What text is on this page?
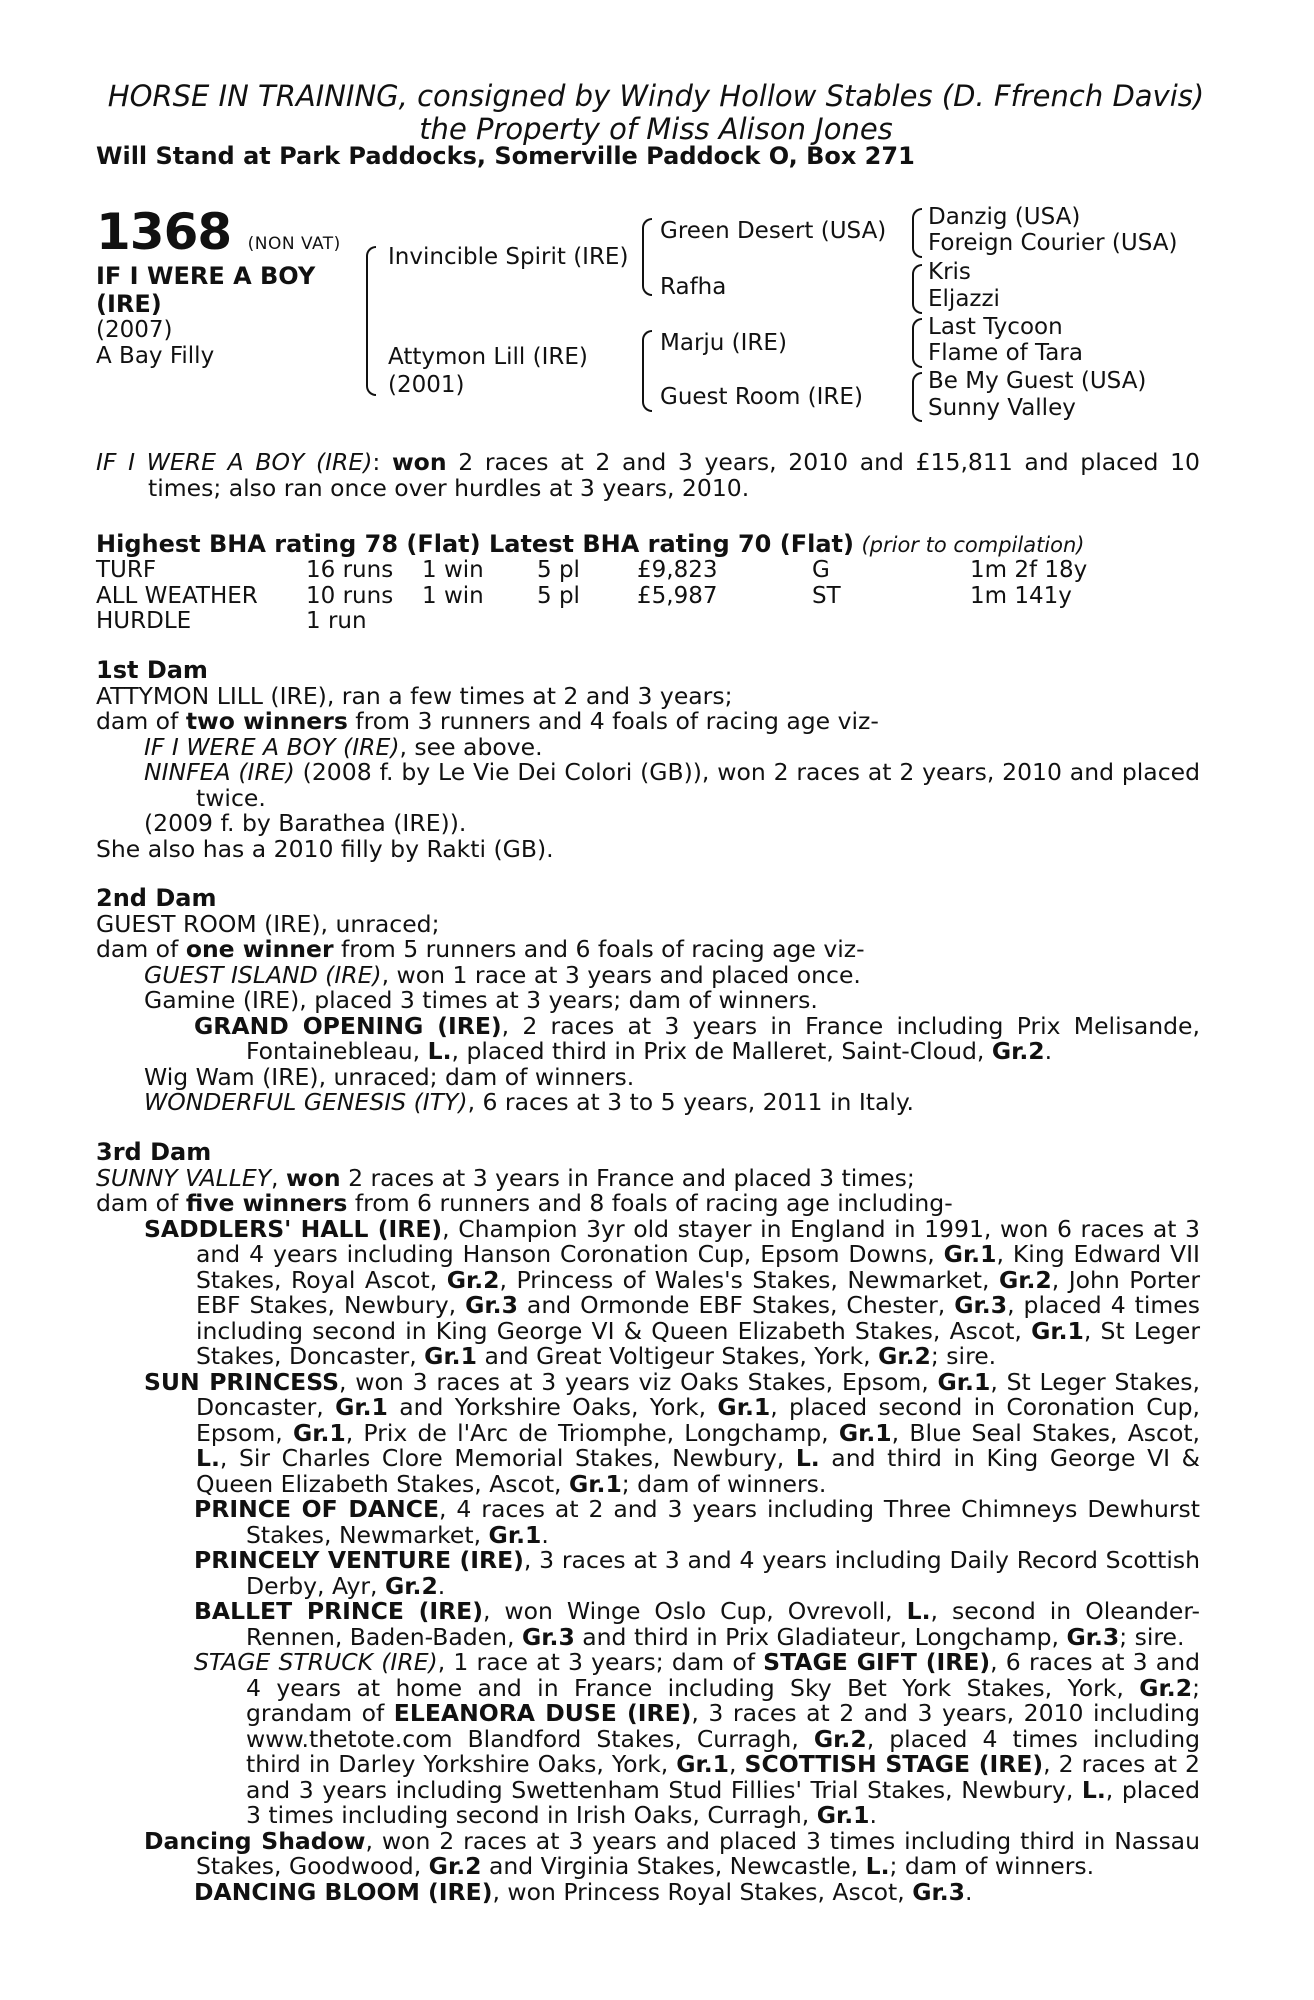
HORSE IN TRAINING, consigned by Windy Hollow Stables (D. Ffrench Davis)
the Property of Miss Alison Jones
Will Stand at Park Paddocks, Somerville Paddock O, Box 271
1368 (NON VAT)
IF I WERE A BOY
(IRE)
(2007)
A Bay Filly
Invincible Spirit (IRE)
Attymon Lill (IRE)
(2001)
Green Desert (USA)
Rafha
Marju (IRE)
Guest Room (IRE)
Danzig (USA)
Foreign Courier (USA)
Kris
Eljazzi
Last Tycoon
Flame of Tara
Be My Guest (USA)
Sunny Valley

IF I WERE A BOY (IRE): won 2 races at 2 and 3 years, 2010 and £15,811 and placed 10 times; also ran once over hurdles at 3 years, 2010.

Highest BHA rating 78 (Flat) Latest BHA rating 70 (Flat) (prior to compilation)
TURF	16 runs 1 win 5 pl £9,823	G	1m 2f 18y
ALL WEATHER 10 runs 1 win 5 pl £5,987	ST	1m 141y
HURDLE	1 run

1st Dam

ATTYMON LILL (IRE), ran a few times at 2 and 3 years;

dam of two winners from 3 runners and 4 foals of racing age viz-

IF I WERE A BOY (IRE), see above.

NINFEA (IRE) (2008 f. by Le Vie Dei Colori (GB)), won 2 races at 2 years, 2010 and placed twice.

(2009 f. by Barathea (IRE)).

She also has a 2010 filly by Rakti (GB).

2nd Dam

GUEST ROOM (IRE), unraced;

dam of one winner from 5 runners and 6 foals of racing age viz-

GUEST ISLAND (IRE), won 1 race at 3 years and placed once.

Gamine (IRE), placed 3 times at 3 years; dam of winners.

GRAND OPENING (IRE), 2 races at 3 years in France including Prix Melisande, Fontainebleau, L., placed third in Prix de Malleret, Saint-Cloud, Gr.2.

Wig Wam (IRE), unraced; dam of winners.

WONDERFUL GENESIS (ITY), 6 races at 3 to 5 years, 2011 in Italy.

3rd Dam

SUNNY VALLEY, won 2 races at 3 years in France and placed 3 times;

dam of five winners from 6 runners and 8 foals of racing age including-

SADDLERS' HALL (IRE), Champion 3yr old stayer in England in 1991, won 6 races at 3 and 4 years including Hanson Coronation Cup, Epsom Downs, Gr.1, King Edward VII Stakes, Royal Ascot, Gr.2, Princess of Wales's Stakes, Newmarket, Gr.2, John Porter EBF Stakes, Newbury, Gr.3 and Ormonde EBF Stakes, Chester, Gr.3, placed 4 times including second in King George VI & Queen Elizabeth Stakes, Ascot, Gr.1, St Leger Stakes, Doncaster, Gr.1 and Great Voltigeur Stakes, York, Gr.2; sire.

SUN PRINCESS, won 3 races at 3 years viz Oaks Stakes, Epsom, Gr.1, St Leger Stakes, Doncaster, Gr.1 and Yorkshire Oaks, York, Gr.1, placed second in Coronation Cup, Epsom, Gr.1, Prix de l'Arc de Triomphe, Longchamp, Gr.1, Blue Seal Stakes, Ascot, L., Sir Charles Clore Memorial Stakes, Newbury, L. and third in King George VI & Queen Elizabeth Stakes, Ascot, Gr.1; dam of winners.

PRINCE OF DANCE, 4 races at 2 and 3 years including Three Chimneys Dewhurst Stakes, Newmarket, Gr.1.

PRINCELY VENTURE (IRE), 3 races at 3 and 4 years including Daily Record Scottish Derby, Ayr, Gr.2.

BALLET PRINCE (IRE), won Winge Oslo Cup, Ovrevoll, L., second in Oleander-Rennen, Baden-Baden, Gr.3 and third in Prix Gladiateur, Longchamp, Gr.3; sire.

STAGE STRUCK (IRE), 1 race at 3 years; dam of STAGE GIFT (IRE), 6 races at 3 and 4 years at home and in France including Sky Bet York Stakes, York, Gr.2; grandam of ELEANORA DUSE (IRE), 3 races at 2 and 3 years, 2010 including www.thetote.com Blandford Stakes, Curragh, Gr.2, placed 4 times including third in Darley Yorkshire Oaks, York, Gr.1, SCOTTISH STAGE (IRE), 2 races at 2 and 3 years including Swettenham Stud Fillies' Trial Stakes, Newbury, L., placed 3 times including second in Irish Oaks, Curragh, Gr.1.

Dancing Shadow, won 2 races at 3 years and placed 3 times including third in Nassau Stakes, Goodwood, Gr.2 and Virginia Stakes, Newcastle, L.; dam of winners.

DANCING BLOOM (IRE), won Princess Royal Stakes, Ascot, Gr.3.
